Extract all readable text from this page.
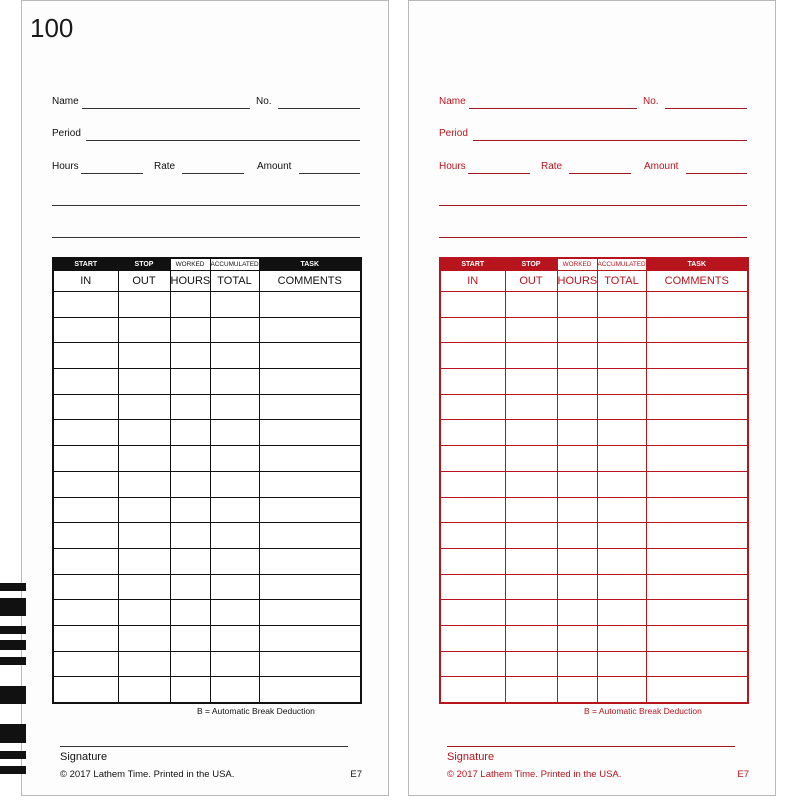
100
Name	No.
Period
Hours	Rate	Amount
START	STOP	WORKED	ACCUMULATED	TASK
IN	OUT	HOURS	TOTAL	COMMENTS

B = Automatic Break Deduction
Signature
© 2017 Lathem Time. Printed in the USA.	E7
Name	No.
Period
Hours	Rate	Amount
START	STOP	WORKED	ACCUMULATED	TASK
IN	OUT	HOURS	TOTAL	COMMENTS

B = Automatic Break Deduction
Signature
© 2017 Lathem Time. Printed in the USA.	E7
